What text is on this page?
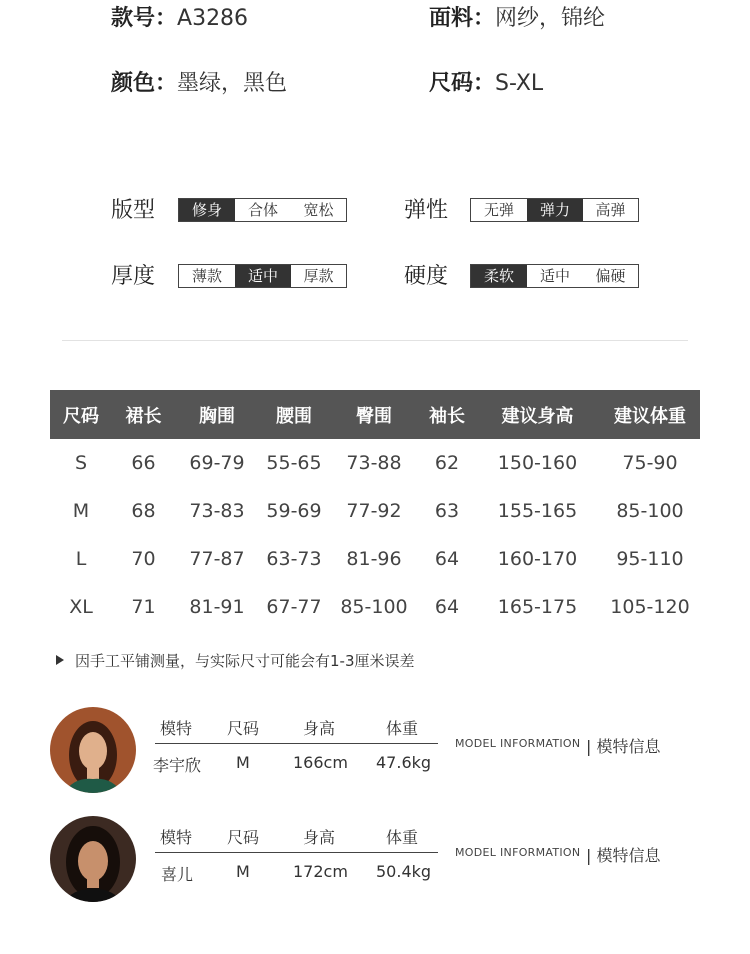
款号：A3286	面料：网纱，锦纶
颜色：墨绿，黑色	尺码：S-XL
版型	修身	合体	宽松	弹性	无弹	弹力	高弹
厚度	薄款	适中	厚款	硬度	柔软	适中	偏硬
尺码	裙长	胸围	腰围	臀围	袖长	建议身高	建议体重
S	66	69-79	55-65	73-88	62	150-160	75-90
M	68	73-83	59-69	77-92	63	155-165	85-100
L	70	77-87	63-73	81-96	64	160-170	95-110
XL	71	81-91	67-77	85-100	64	165-175	105-120
因手工平铺测量，与实际尺寸可能会有1-3厘米误差
模特 尺码	身高	体重
李宇欣 M	166cm 47.6kg
MODEL INFORMATION | 模特信息
模特 尺码	身高	体重
喜儿	M	172cm 50.4kg
MODEL INFORMATION | 模特信息
